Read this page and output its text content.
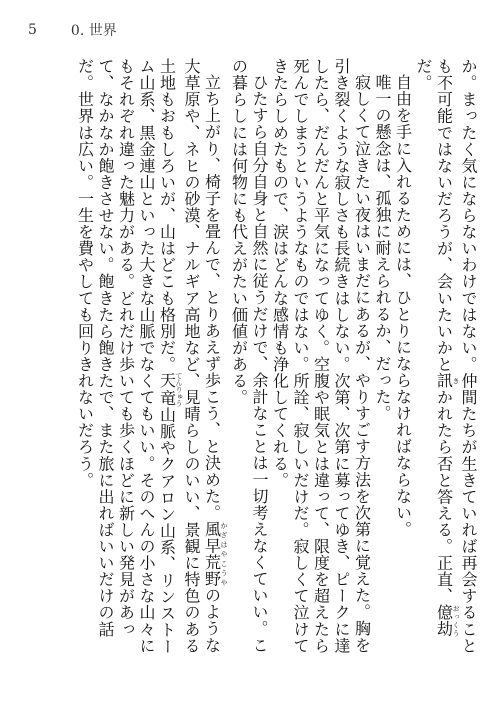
5 0. 世界

か。まったく気にならないわけではない。仲間たちが生きていれば再会することも不可能ではないだろうが、会いたいかと訊きかれたら否と答える。正直、億劫おっくうだ。

自由を手に入れるためには、ひとりにならなければならない。

唯一の懸念は、孤独に耐えられるか、だった。

寂しくて泣きたい夜はいまだにあるが、やりすごす方法を次第に覚えた。胸を引き裂くような寂しさも長続きはしない。次第、次第に募ってゆき、ピークに達したら、だんだんと平気になってゆく。空腹や眠気とは違って、限度を超えたら死んでしまうというようなものではない。所詮、寂しいだけだ。寂しくて泣けてきたらしめたもので、涙はどんな感情も浄化してくれる。

ひたすら自分自身と自然に従うだけで、余計なことは一切考えなくていい。この暮らしには何物にも代えがたい価値がある。

立ち上がり、椅子を畳んで、とりあえず歩こう、と決めた。風早荒野かざはやこうやのような大草原や、ネヒの砂漠、ナルギア高地など、見晴らしのいい、景観に特色のある土地もおもしろいが、山はどこも格別だ。天竜てんりゅう山脈やクアロン山系、リンストーム山系、黒金連山といった大きな山脈でなくてもいい。そのへんの小さな山々にもそれぞれ違った魅力がある。どれだけ歩いても歩くほどに新しい発見があって、なかなか飽きさせない。飽きたら飽きたで、また旅に出ればいいだけの話だ。世界は広い。一生を費やしても回りきれないだろう。
